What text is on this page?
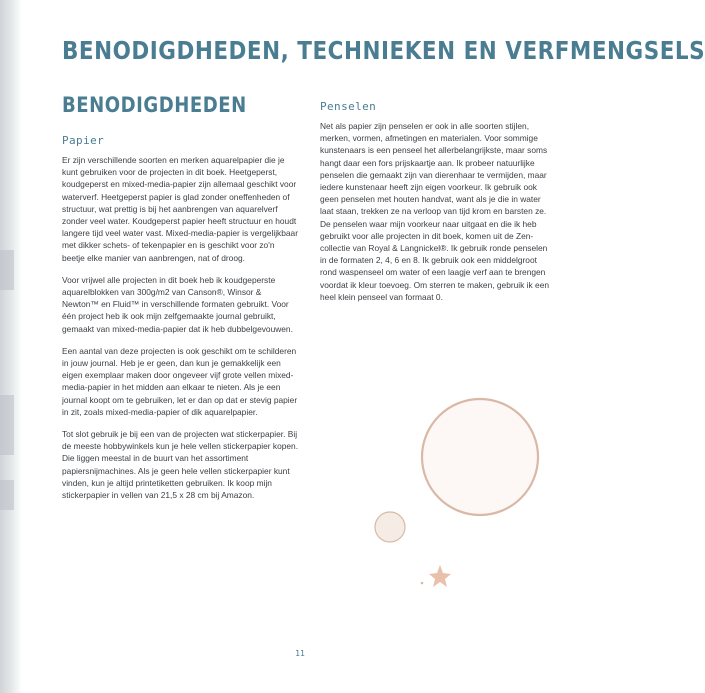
BENODIGDHEDEN, TECHNIEKEN EN VERFMENGSELS
BENODIGDHEDEN
Papier

Er zijn verschillende soorten en merken aquarelpapier die je kunt gebruiken voor de projecten in dit boek. Heetgeperst, koudgeperst en mixed-media-papier zijn allemaal geschikt voor waterverf. Heetgeperst papier is glad zonder oneffenheden of structuur, wat prettig is bij het aanbrengen van aquarelverf zonder veel water. Koudgeperst papier heeft structuur en houdt langere tijd veel water vast. Mixed-media-papier is vergelijkbaar met dikker schets- of tekenpapier en is geschikt voor zo'n beetje elke manier van aanbrengen, nat of droog.

Voor vrijwel alle projecten in dit boek heb ik koudgeperste aquarelblokken van 300g/m2 van Canson®, Winsor & Newton™ en Fluid™ in verschillende formaten gebruikt. Voor één project heb ik ook mijn zelfgemaakte journal gebruikt, gemaakt van mixed-media-papier dat ik heb dubbelgevouwen.

Een aantal van deze projecten is ook geschikt om te schilderen in jouw journal. Heb je er geen, dan kun je gemakkelijk een eigen exemplaar maken door ongeveer vijf grote vellen mixed-media-papier in het midden aan elkaar te nieten. Als je een journal koopt om te gebruiken, let er dan op dat er stevig papier in zit, zoals mixed-media-papier of dik aquarelpapier.

Tot slot gebruik je bij een van de projecten wat stickerpapier. Bij de meeste hobbywinkels kun je hele vellen stickerpapier kopen. Die liggen meestal in de buurt van het assortiment papiersnijmachines. Als je geen hele vellen stickerpapier kunt vinden, kun je altijd printetiketten gebruiken. Ik koop mijn stickerpapier in vellen van 21,5 x 28 cm bij Amazon.

Penselen

Net als papier zijn penselen er ook in alle soorten stijlen, merken, vormen, afmetingen en materialen. Voor sommige kunstenaars is een penseel het allerbelangrijkste, maar soms hangt daar een fors prijskaartje aan. Ik probeer natuurlijke penselen die gemaakt zijn van dierenhaar te vermijden, maar iedere kunstenaar heeft zijn eigen voorkeur. Ik gebruik ook geen penselen met houten handvat, want als je die in water laat staan, trekken ze na verloop van tijd krom en barsten ze. De penselen waar mijn voorkeur naar uitgaat en die ik heb gebruikt voor alle projecten in dit boek, komen uit de Zen-collectie van Royal & Langnickel®. Ik gebruik ronde penselen in de formaten 2, 4, 6 en 8. Ik gebruik ook een middelgroot rond waspenseel om water of een laagje verf aan te brengen voordat ik kleur toevoeg. Om sterren te maken, gebruik ik een heel klein penseel van formaat 0.

11
